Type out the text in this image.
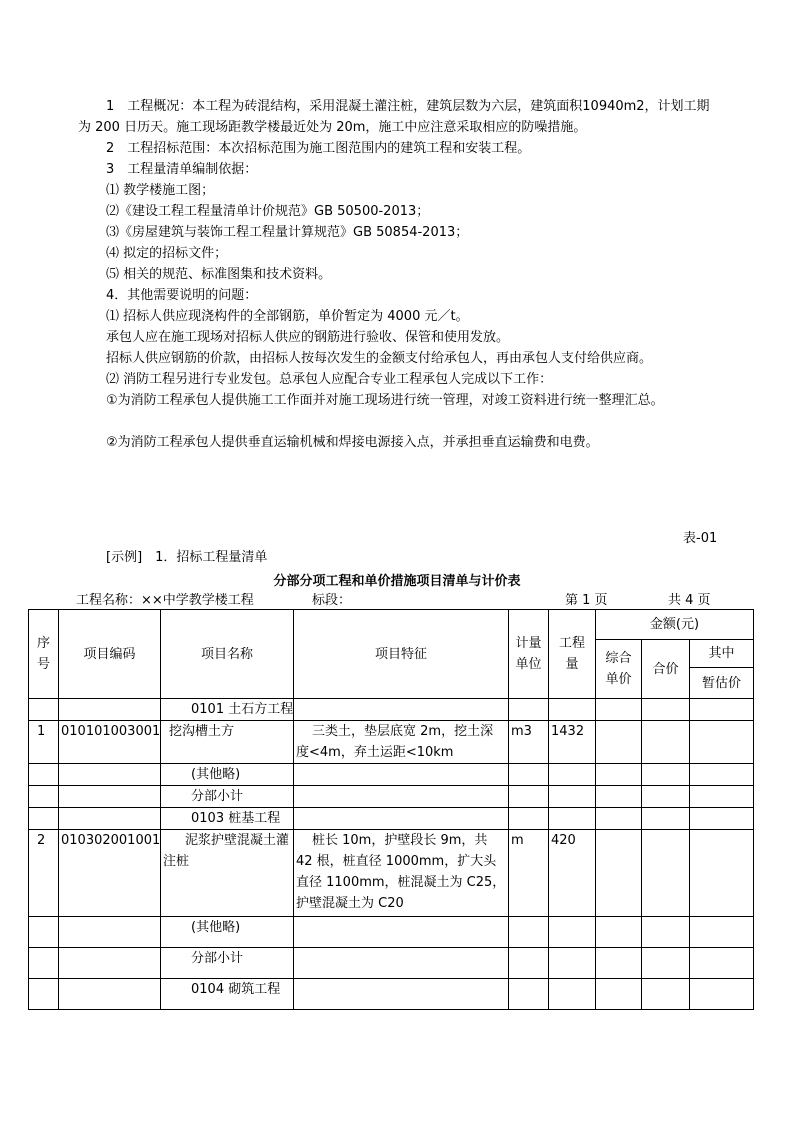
1　工程概况：本工程为砖混结构，采用混凝土灌注桩，建筑层数为六层，建筑面积10940m2，计划工期为 200 日历天。施工现场距教学楼最近处为 20m，施工中应注意采取相应的防噪措施。
2　工程招标范围：本次招标范围为施工图范围内的建筑工程和安装工程。
3　工程量清单编制依据：
⑴ 教学楼施工图；
⑵《建设工程工程量清单计价规范》GB 50500-2013；
⑶《房屋建筑与装饰工程工程量计算规范》GB 50854-2013；
⑷ 拟定的招标文件；
⑸ 相关的规范、标准图集和技术资料。
4．其他需要说明的问题：
⑴ 招标人供应现浇构件的全部钢筋，单价暂定为 4000 元／t。
承包人应在施工现场对招标人供应的钢筋进行验收、保管和使用发放。
招标人供应钢筋的价款，由招标人按每次发生的金额支付给承包人，再由承包人支付给供应商。
⑵ 消防工程另进行专业发包。总承包人应配合专业工程承包人完成以下工作：
①为消防工程承包人提供施工工作面并对施工现场进行统一管理，对竣工资料进行统一整理汇总。
②为消防工程承包人提供垂直运输机械和焊接电源接入点，并承担垂直运输费和电费。
表-01
[示例]　1．招标工程量清单
分部分项工程和单价措施项目清单与计价表
工程名称：××中学教学楼工程	标段：	第 1 页	共 4 页
序号	项目编码	项目名称	项目特征	计量单位	工程量	金额(元)		
						综合单价	合价	其中
								暂估价
		0101 土石方工程						
1	010101003001	挖沟槽土方	三类土，垫层底宽 2m，挖土深度<4m，弃土运距<10km	m3	1432			
		(其他略)						
		分部小计						
		0103 桩基工程						
2	010302001001	泥浆护壁混凝土灌注桩	桩长 10m，护壁段长 9m，共 42 根，桩直径 1000mm，扩大头直径 1100mm，桩混凝土为 C25，护壁混凝土为 C20	m	420			
		(其他略)						
		分部小计						
		0104 砌筑工程						
